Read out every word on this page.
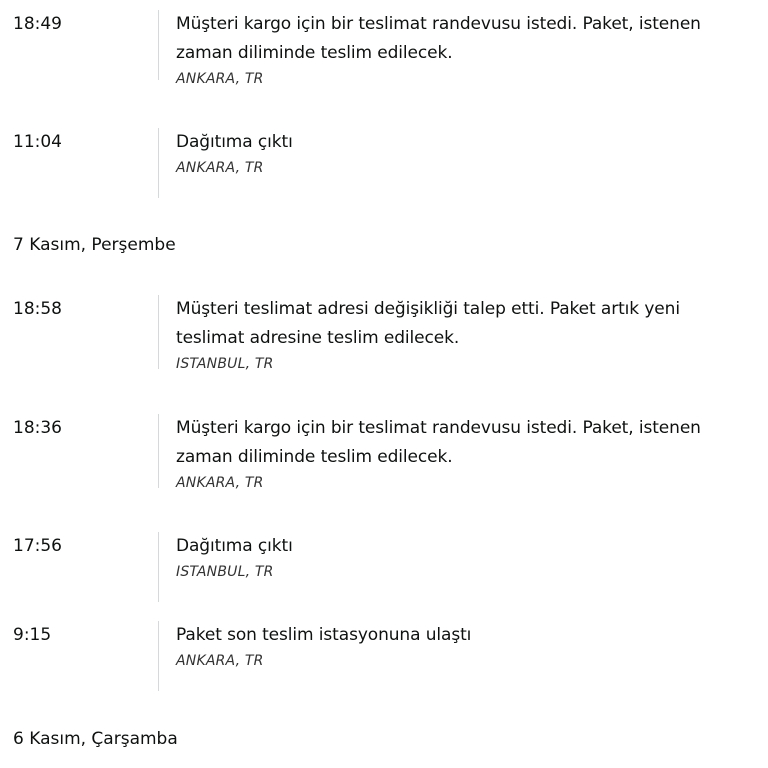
18:49	Müşteri kargo için bir teslimat randevusu istedi. Paket, istenen zaman diliminde teslim edilecek.
ANKARA, TR
11:04	Dağıtıma çıktı
ANKARA, TR
7 Kasım, Perşembe
18:58	Müşteri teslimat adresi değişikliği talep etti. Paket artık yeni teslimat adresine teslim edilecek.
ISTANBUL, TR
18:36	Müşteri kargo için bir teslimat randevusu istedi. Paket, istenen zaman diliminde teslim edilecek.
ANKARA, TR
17:56	Dağıtıma çıktı
ISTANBUL, TR
9:15	Paket son teslim istasyonuna ulaştı
ANKARA, TR
6 Kasım, Çarşamba
